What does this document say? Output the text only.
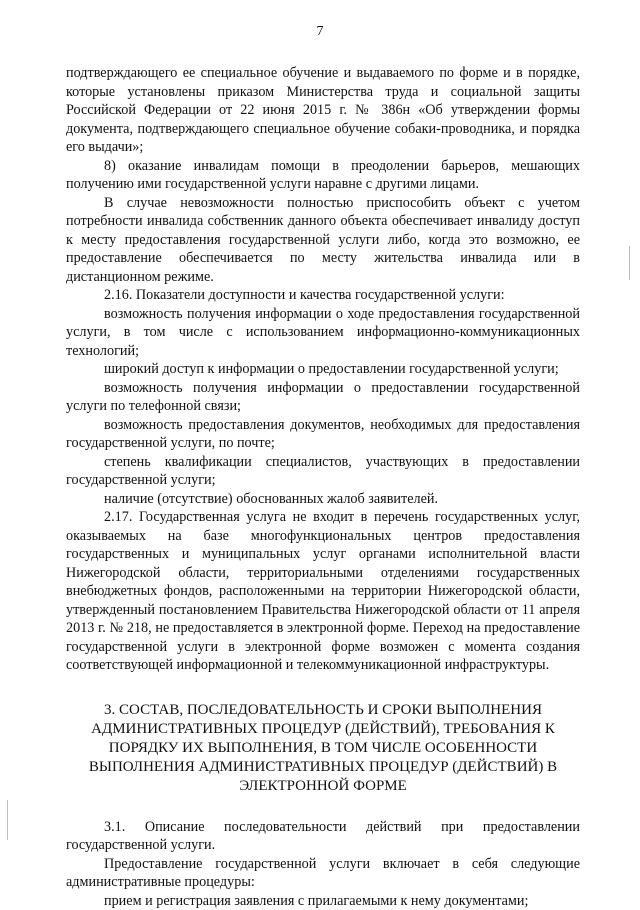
7

подтверждающего ее специальное обучение и выдаваемого по форме и в порядке, которые установлены приказом Министерства труда и социальной защиты Российской Федерации от 22 июня 2015 г. № 386н «Об утверждении формы документа, подтверждающего специальное обучение собаки-проводника, и порядка его выдачи»;

8) оказание инвалидам помощи в преодолении барьеров, мешающих получению ими государственной услуги наравне с другими лицами.

В случае невозможности полностью приспособить объект с учетом потребности инвалида собственник данного объекта обеспечивает инвалиду доступ к месту предоставления государственной услуги либо, когда это возможно, ее предоставление обеспечивается по месту жительства инвалида или в дистанционном режиме.

2.16. Показатели доступности и качества государственной услуги:

возможность получения информации о ходе предоставления государственной услуги, в том числе с использованием информационно-коммуникационных технологий;

широкий доступ к информации о предоставлении государственной услуги;

возможность получения информации о предоставлении государственной услуги по телефонной связи;

возможность предоставления документов, необходимых для предоставления государственной услуги, по почте;

степень квалификации специалистов, участвующих в предоставлении государственной услуги;

наличие (отсутствие) обоснованных жалоб заявителей.

2.17. Государственная услуга не входит в перечень государственных услуг, оказываемых на базе многофункциональных центров предоставления государственных и муниципальных услуг органами исполнительной власти Нижегородской области, территориальными отделениями государственных внебюджетных фондов, расположенными на территории Нижегородской области, утвержденный постановлением Правительства Нижегородской области от 11 апреля 2013 г. № 218, не предоставляется в электронной форме. Переход на предоставление государственной услуги в электронной форме возможен с момента создания соответствующей информационной и телекоммуникационной инфраструктуры.

3. СОСТАВ, ПОСЛЕДОВАТЕЛЬНОСТЬ И СРОКИ ВЫПОЛНЕНИЯ АДМИНИСТРАТИВНЫХ ПРОЦЕДУР (ДЕЙСТВИЙ), ТРЕБОВАНИЯ К ПОРЯДКУ ИХ ВЫПОЛНЕНИЯ, В ТОМ ЧИСЛЕ ОСОБЕННОСТИ ВЫПОЛНЕНИЯ АДМИНИСТРАТИВНЫХ ПРОЦЕДУР (ДЕЙСТВИЙ) В ЭЛЕКТРОННОЙ ФОРМЕ

3.1. Описание последовательности действий при предоставлении государственной услуги.

Предоставление государственной услуги включает в себя следующие административные процедуры:

прием и регистрация заявления с прилагаемыми к нему документами;
